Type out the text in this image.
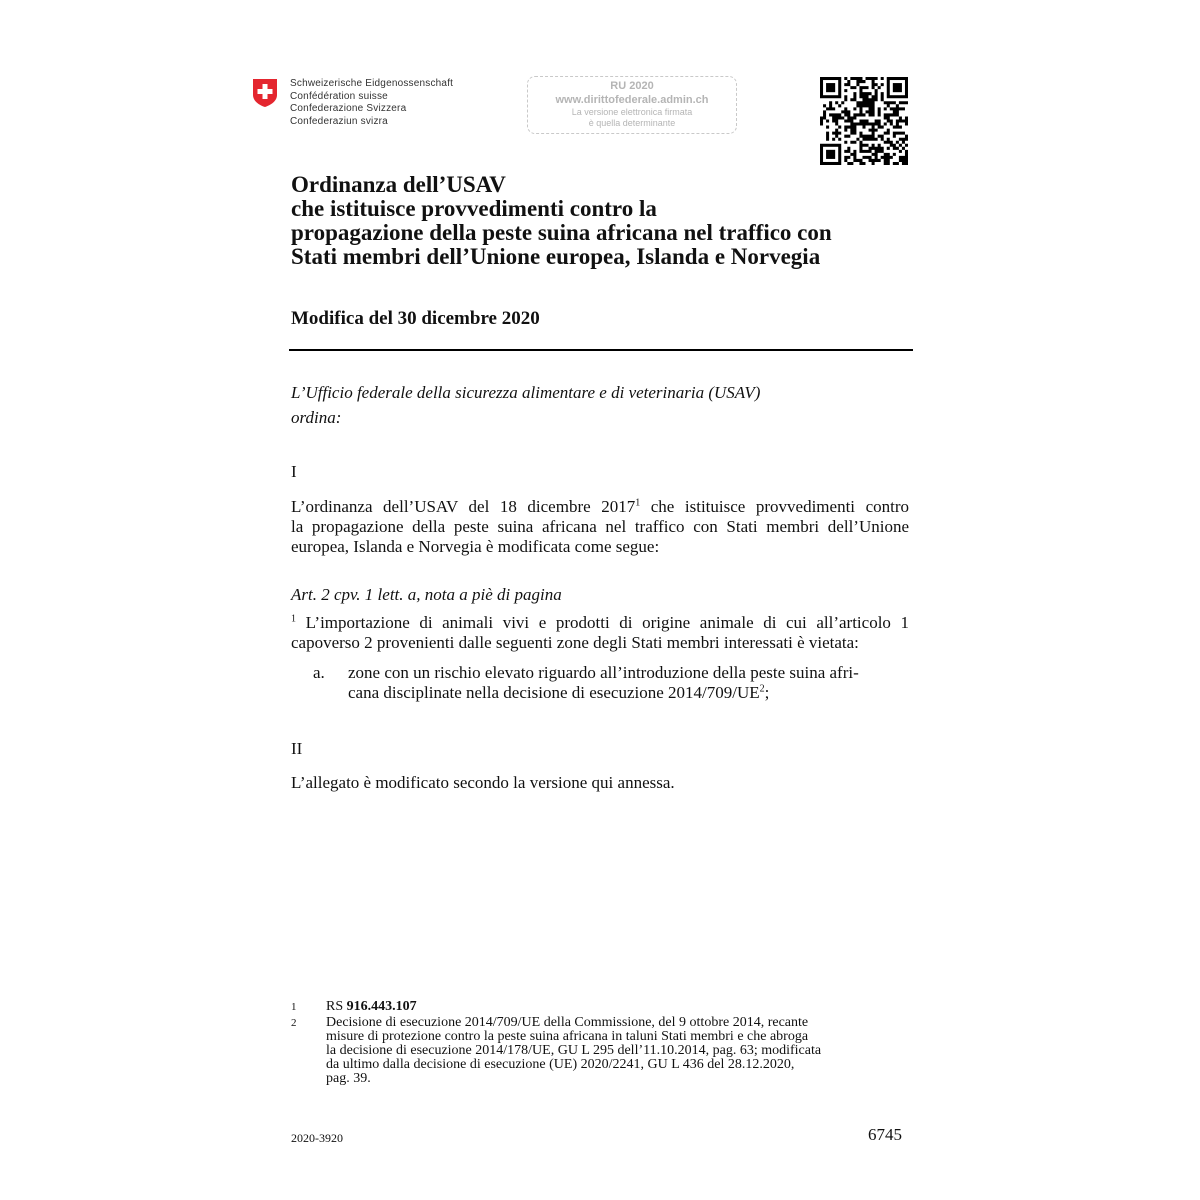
Schweizerische Eidgenossenschaft
Confédération suisse
Confederazione Svizzera
Confederaziun svizra
RU 2020
www.dirittofederale.admin.ch
La versione elettronica firmata
è quella determinante
Ordinanza dell’USAV
che istituisce provvedimenti contro la
propagazione della peste suina africana nel traffico con
Stati membri dell’Unione europea, Islanda e Norvegia
Modifica del 30 dicembre 2020
L’Ufficio federale della sicurezza alimentare e di veterinaria (USAV)
ordina:
I
L’ordinanza dell’USAV del 18 dicembre 2017$^1$ che istituisce provvedimenti contro
la propagazione della peste suina africana nel traffico con Stati membri dell’Unione
europea, Islanda e Norvegia è modificata come segue:
Art. 2 cpv. 1 lett. a, nota a piè di pagina
$^1$ L’importazione di animali vivi e prodotti di origine animale di cui all’articolo 1 capoverso 2 provenienti dalle seguenti zone degli Stati membri interessati è vietata:
a. zone con un rischio elevato riguardo all’introduzione della peste suina afri-
cana disciplinate nella decisione di esecuzione $2014/709/UE^2$;
II
L’allegato è modificato secondo la versione qui annessa.
1 RS 916.443.107
2 Decisione di esecuzione 2014/709/UE della Commissione, del 9 ottobre 2014, recante
misure di protezione contro la peste suina africana in taluni Stati membri e che abroga
la decisione di esecuzione 2014/178/UE, GU L 295 dell’11.10.2014, pag. 63; modificata
da ultimo dalla decisione di esecuzione (UE) 2020/2241, GU L 436 del 28.12.2020,
pag. 39.
2020-3920	6745
